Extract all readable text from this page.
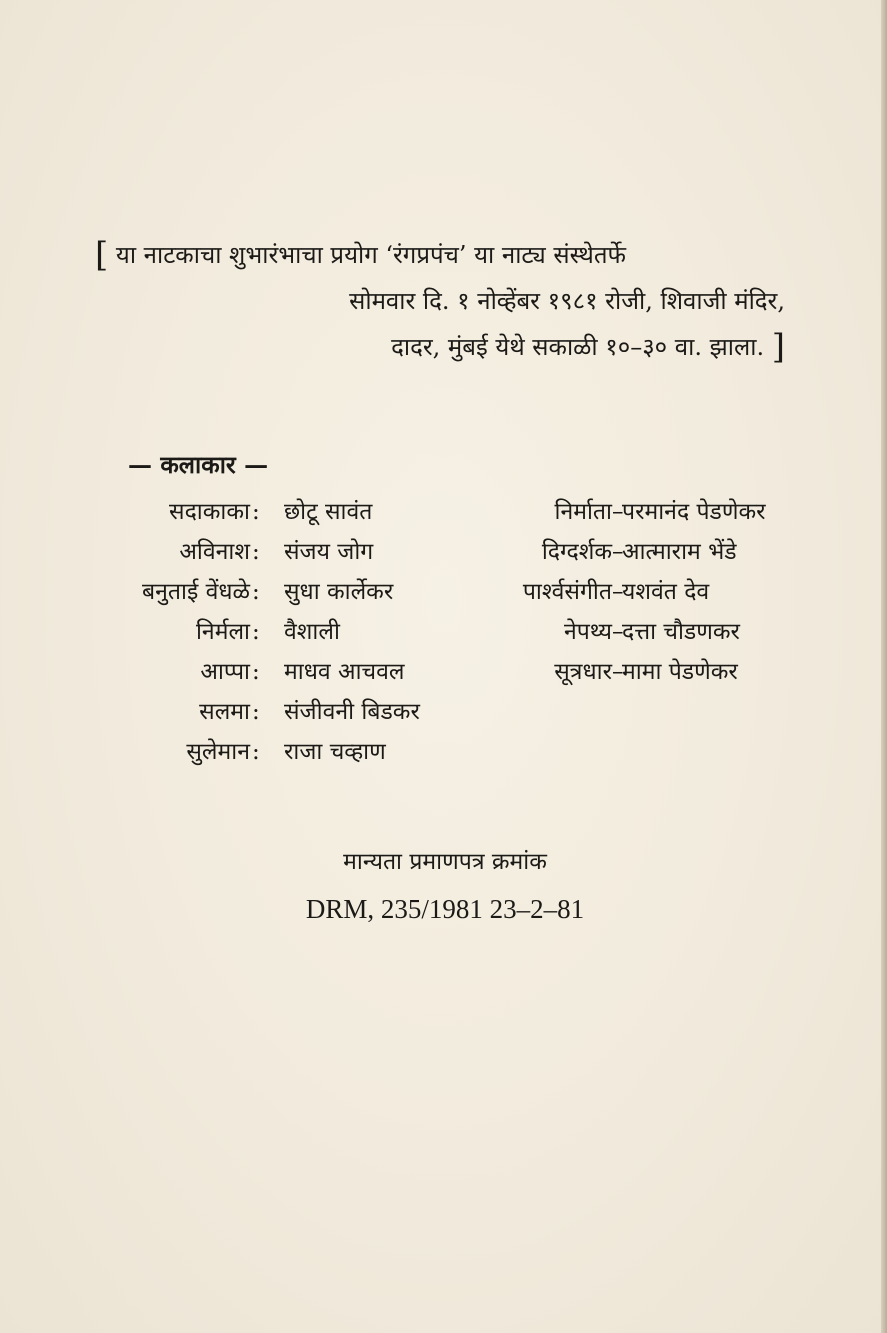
[ या नाटकाचा शुभारंभाचा प्रयोग ‘रंगप्रपंच’ या नाट्य संस्थेतर्फे
सोमवार दि. १ नोव्हेंबर १९८१ रोजी, शिवाजी मंदिर,
दादर, मुंबई येथे सकाळी १०–३० वा. झाला. ]
— कलाकार —
सदाकाका : छोटू सावंत
अविनाश : संजय जोग
बनुताई वेंधळे : सुधा कार्लेकर
निर्मला : वैशाली
आप्पा : माधव आचवल
सलमा : संजीवनी बिडकर
सुलेमान : राजा चव्हाण
निर्माता –
परमानंद पेडणेकर
दिग्दर्शक –
आत्माराम भेंडे
पार्श्वसंगीत –
यशवंत देव
नेपथ्य –
दत्ता चौडणकर
सूत्रधार –
मामा पेडणेकर
मान्यता प्रमाणपत्र क्रमांक
DRM, 235/1981 23–2–81
